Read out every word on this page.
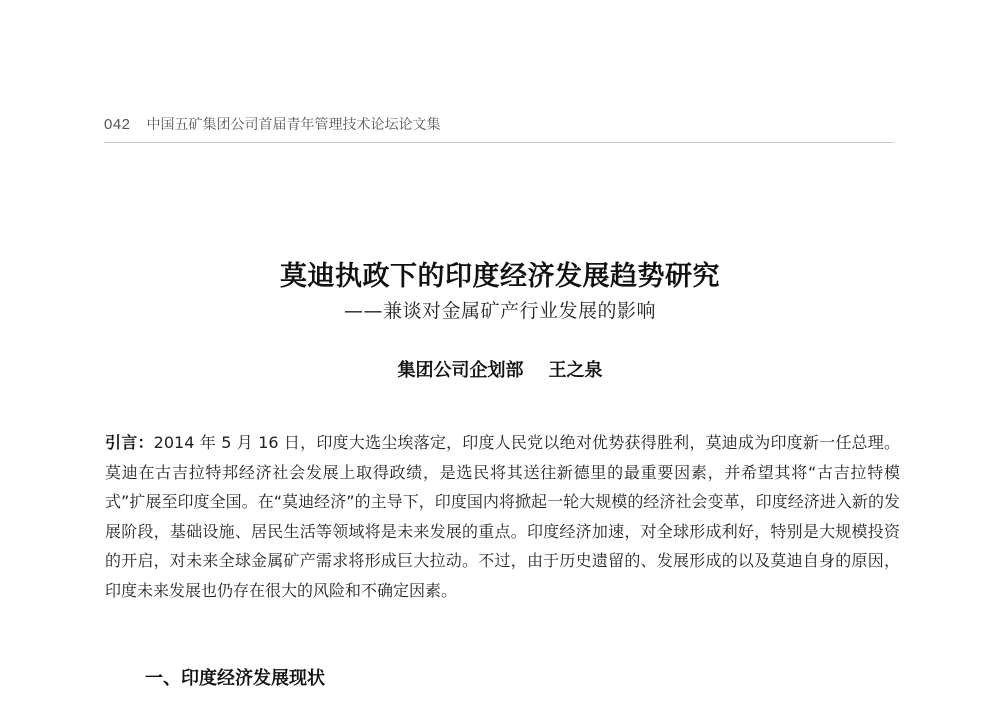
042 中国五矿集团公司首届青年管理技术论坛论文集
莫迪执政下的印度经济发展趋势研究
——兼谈对金属矿产行业发展的影响
集团公司企划部    王之泉
引言：2014 年 5 月 16 日，印度大选尘埃落定，印度人民党以绝对优势获得胜利，莫迪成为印度新一任总理。莫迪在古吉拉特邦经济社会发展上取得政绩，是选民将其送往新德里的最重要因素，并希望其将“古吉拉特模式”扩展至印度全国。在“莫迪经济”的主导下，印度国内将掀起一轮大规模的经济社会变革，印度经济进入新的发展阶段，基础设施、居民生活等领域将是未来发展的重点。印度经济加速，对全球形成利好，特别是大规模投资的开启，对未来全球金属矿产需求将形成巨大拉动。不过，由于历史遗留的、发展形成的以及莫迪自身的原因，印度未来发展也仍存在很大的风险和不确定因素。
一、印度经济发展现状
